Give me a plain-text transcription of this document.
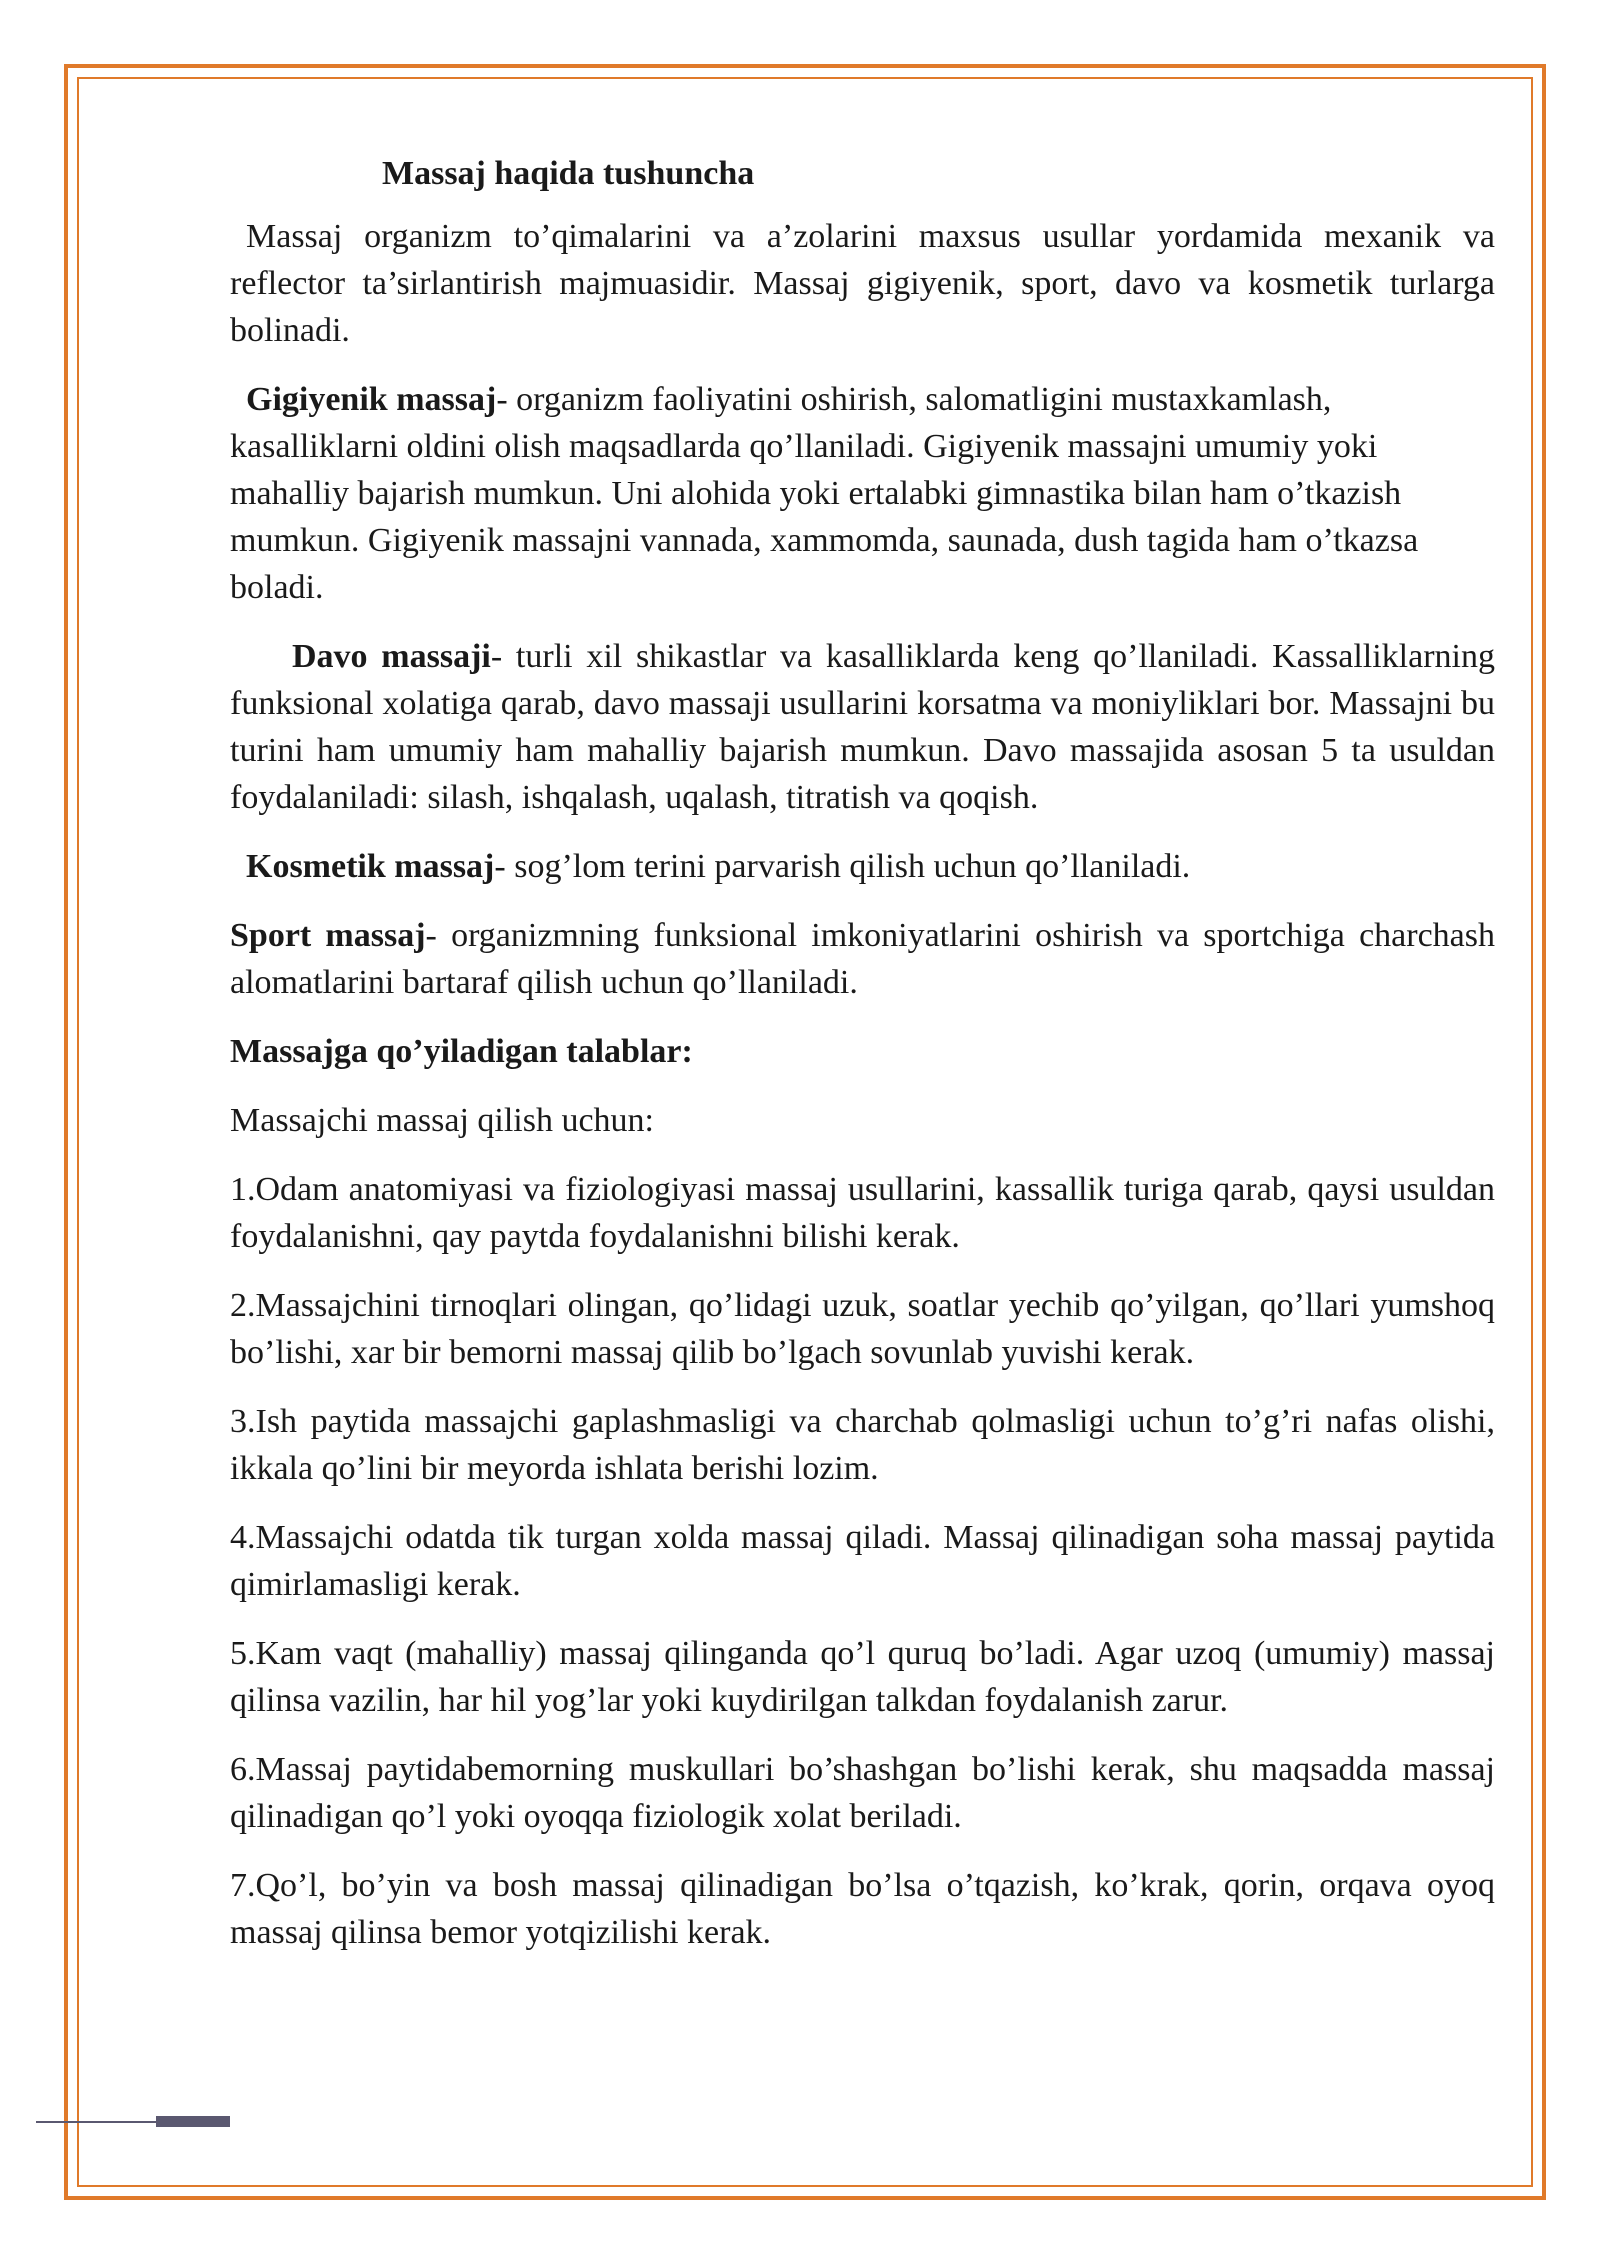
Massaj haqida tushuncha

Massaj organizm to’qimalarini va a’zolarini maxsus usullar yordamida mexanik va reflector ta’sirlantirish majmuasidir. Massaj gigiyenik, sport, davo va kosmetik turlarga bolinadi.

Gigiyenik massaj- organizm faoliyatini oshirish, salomatligini mustaxkamlash, kasalliklarni oldini olish maqsadlarda qo’llaniladi. Gigiyenik massajni umumiy yoki mahalliy bajarish mumkun. Uni alohida yoki ertalabki gimnastika bilan ham o’tkazish mumkun. Gigiyenik massajni vannada, xammomda, saunada, dush tagida ham o’tkazsa boladi.

Davo massaji- turli xil shikastlar va kasalliklarda keng qo’llaniladi. Kassalliklarning funksional xolatiga qarab, davo massaji usullarini korsatma va moniyliklari bor. Massajni bu turini ham umumiy ham mahalliy bajarish mumkun. Davo massajida asosan 5 ta usuldan foydalaniladi: silash, ishqalash, uqalash, titratish va qoqish.

Kosmetik massaj- sog’lom terini parvarish qilish uchun qo’llaniladi.

Sport massaj- organizmning funksional imkoniyatlarini oshirish va sportchiga charchash alomatlarini bartaraf qilish uchun qo’llaniladi.

Massajga qo’yiladigan talablar:

Massajchi massaj qilish uchun:

1.Odam anatomiyasi va fiziologiyasi massaj usullarini, kassallik turiga qarab, qaysi usuldan foydalanishni, qay paytda foydalanishni bilishi kerak.

2.Massajchini tirnoqlari olingan, qo’lidagi uzuk, soatlar yechib qo’yilgan, qo’llari yumshoq bo’lishi, xar bir bemorni massaj qilib bo’lgach sovunlab yuvishi kerak.

3.Ish paytida massajchi gaplashmasligi va charchab qolmasligi uchun to’g’ri nafas olishi, ikkala qo’lini bir meyorda ishlata berishi lozim.

4.Massajchi odatda tik turgan xolda massaj qiladi. Massaj qilinadigan soha massaj paytida qimirlamasligi kerak.

5.Kam vaqt (mahalliy) massaj qilinganda qo’l quruq bo’ladi. Agar uzoq (umumiy) massaj qilinsa vazilin, har hil yog’lar yoki kuydirilgan talkdan foydalanish zarur.

6.Massaj paytidabemorning muskullari bo’shashgan bo’lishi kerak, shu maqsadda massaj qilinadigan qo’l yoki oyoqqa fiziologik xolat beriladi.

7.Qo’l, bo’yin va bosh massaj qilinadigan bo’lsa o’tqazish, ko’krak, qorin, orqava oyoq massaj qilinsa bemor yotqizilishi kerak.
